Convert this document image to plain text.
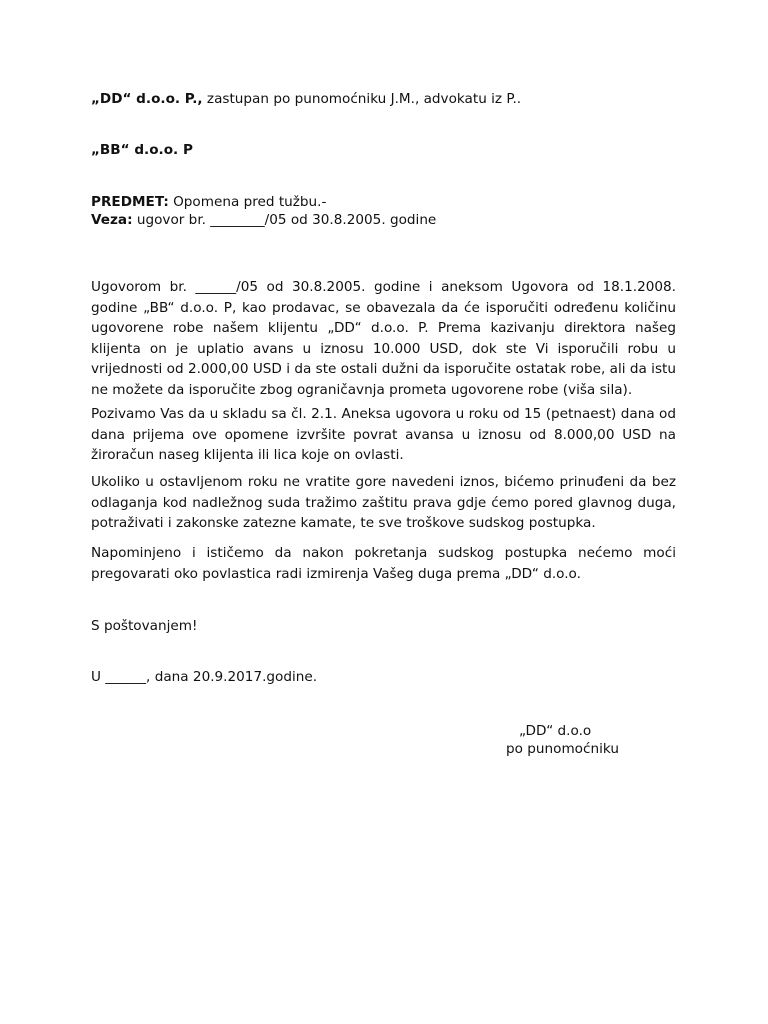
„DD“ d.o.o. P., zastupan po punomoćniku J.M., advokatu iz P..
„BB“ d.o.o. P
PREDMET: Opomena pred tužbu.-
Veza: ugovor br. ________/05 od 30.8.2005. godine

Ugovorom br. ______/05 od 30.8.2005. godine i aneksom Ugovora od 18.1.2008. godine „BB“ d.o.o. P, kao prodavac, se obavezala da će isporučiti određenu količinu ugovorene robe našem klijentu „DD“ d.o.o. P. Prema kazivanju direktora našeg klijenta on je uplatio avans u iznosu 10.000 USD, dok ste Vi isporučili robu u vrijednosti od 2.000,00 USD i da ste ostali dužni da isporučite ostatak robe, ali da istu ne možete da isporučite zbog ograničavnja prometa ugovorene robe (viša sila).

Pozivamo Vas da u skladu sa čl. 2.1. Aneksa ugovora u roku od 15 (petnaest) dana od dana prijema ove opomene izvršite povrat avansa u iznosu od 8.000,00 USD na žiroračun naseg klijenta ili lica koje on ovlasti.

Ukoliko u ostavljenom roku ne vratite gore navedeni iznos, bićemo prinuđeni da bez odlaganja kod nadležnog suda tražimo zaštitu prava gdje ćemo pored glavnog duga, potraživati i zakonske zatezne kamate, te sve troškove sudskog postupka.

Napominjeno i ističemo da nakon pokretanja sudskog postupka nećemo moći pregovarati oko povlastica radi izmirenja Vašeg duga prema „DD“ d.o.o.

S poštovanjem!
U ______, dana 20.9.2017.godine.
„DD“ d.o.o
po punomoćniku
